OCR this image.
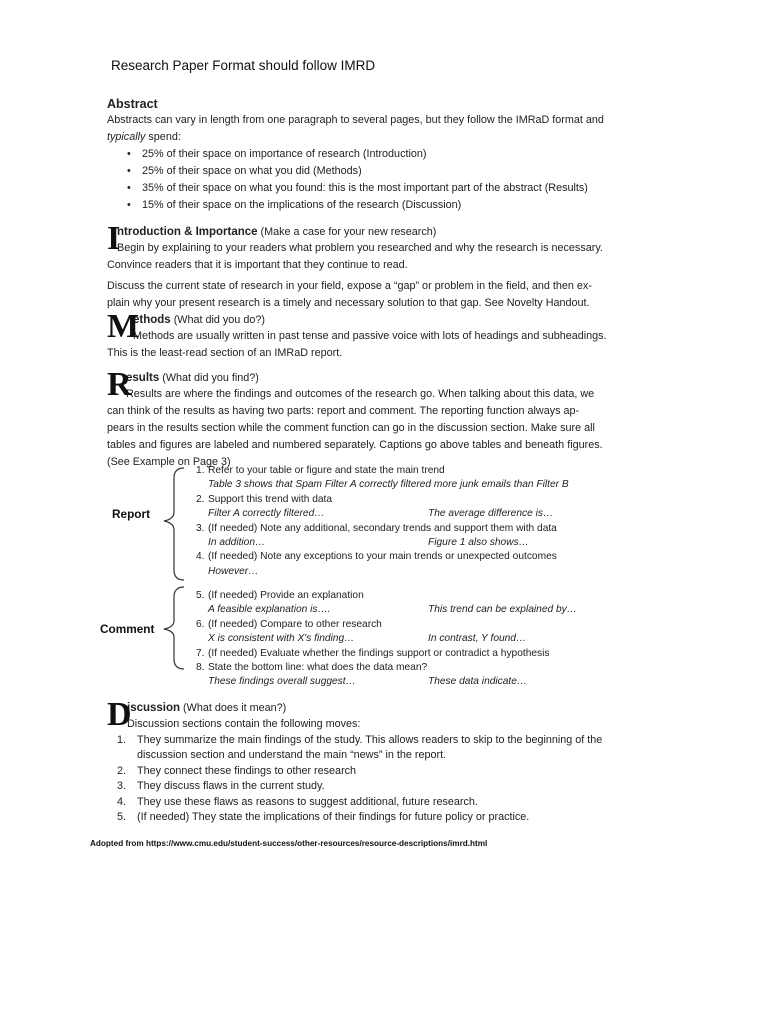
Research Paper Format should follow IMRD
Abstract

Abstracts can vary in length from one paragraph to several pages, but they follow the IMRaD format and
typically spend:

• 25% of their space on importance of research (Introduction)
• 25% of their space on what you did (Methods)
• 35% of their space on what you found: this is the most important part of the abstract (Results)
• 15% of their space on the implications of the research (Discussion)
I

ntroduction & Importance (Make a case for your new research)

Begin by explaining to your readers what problem you researched and why the research is necessary.

Convince readers that it is important that they continue to read.

Discuss the current state of research in your field, expose a “gap” or problem in the field, and then ex-

plain why your present research is a timely and necessary solution to that gap. See Novelty Handout.

M

ethods (What did you do?)

Methods are usually written in past tense and passive voice with lots of headings and subheadings.

This is the least-read section of an IMRaD report.

R

esults (What did you find?)

Results are where the findings and outcomes of the research go. When talking about this data, we

can think of the results as having two parts: report and comment. The reporting function always ap-

pears in the results section while the comment function can go in the discussion section. Make sure all

tables and figures are labeled and numbered separately. Captions go above tables and beneath figures.

(See Example on Page 3)

Report
1. Refer to your table or figure and state the main trend
Table 3 shows that Spam Filter A correctly filtered more junk emails than Filter B
2. Support this trend with data
Filter A correctly filtered…	The average difference is…
3. (If needed) Note any additional, secondary trends and support them with data
In addition…	Figure 1 also shows…
4. (If needed) Note any exceptions to your main trends or unexpected outcomes
However…
Comment
5. (If needed) Provide an explanation
A feasible explanation is….	This trend can be explained by…
6. (If needed) Compare to other research
X is consistent with X's finding…	In contrast, Y found…
7. (If needed) Evaluate whether the findings support or contradict a hypothesis
8. State the bottom line: what does the data mean?
These findings overall suggest…	These data indicate…
D

iscussion (What does it mean?)

Discussion sections contain the following moves:

1. They summarize the main findings of the study. This allows readers to skip to the beginning of the
discussion section and understand the main “news” in the report.
2. They connect these findings to other research
3. They discuss flaws in the current study.
4. They use these flaws as reasons to suggest additional, future research.
5. (If needed) They state the implications of their findings for future policy or practice.
Adopted from https://www.cmu.edu/student-success/other-resources/resource-descriptions/imrd.html
